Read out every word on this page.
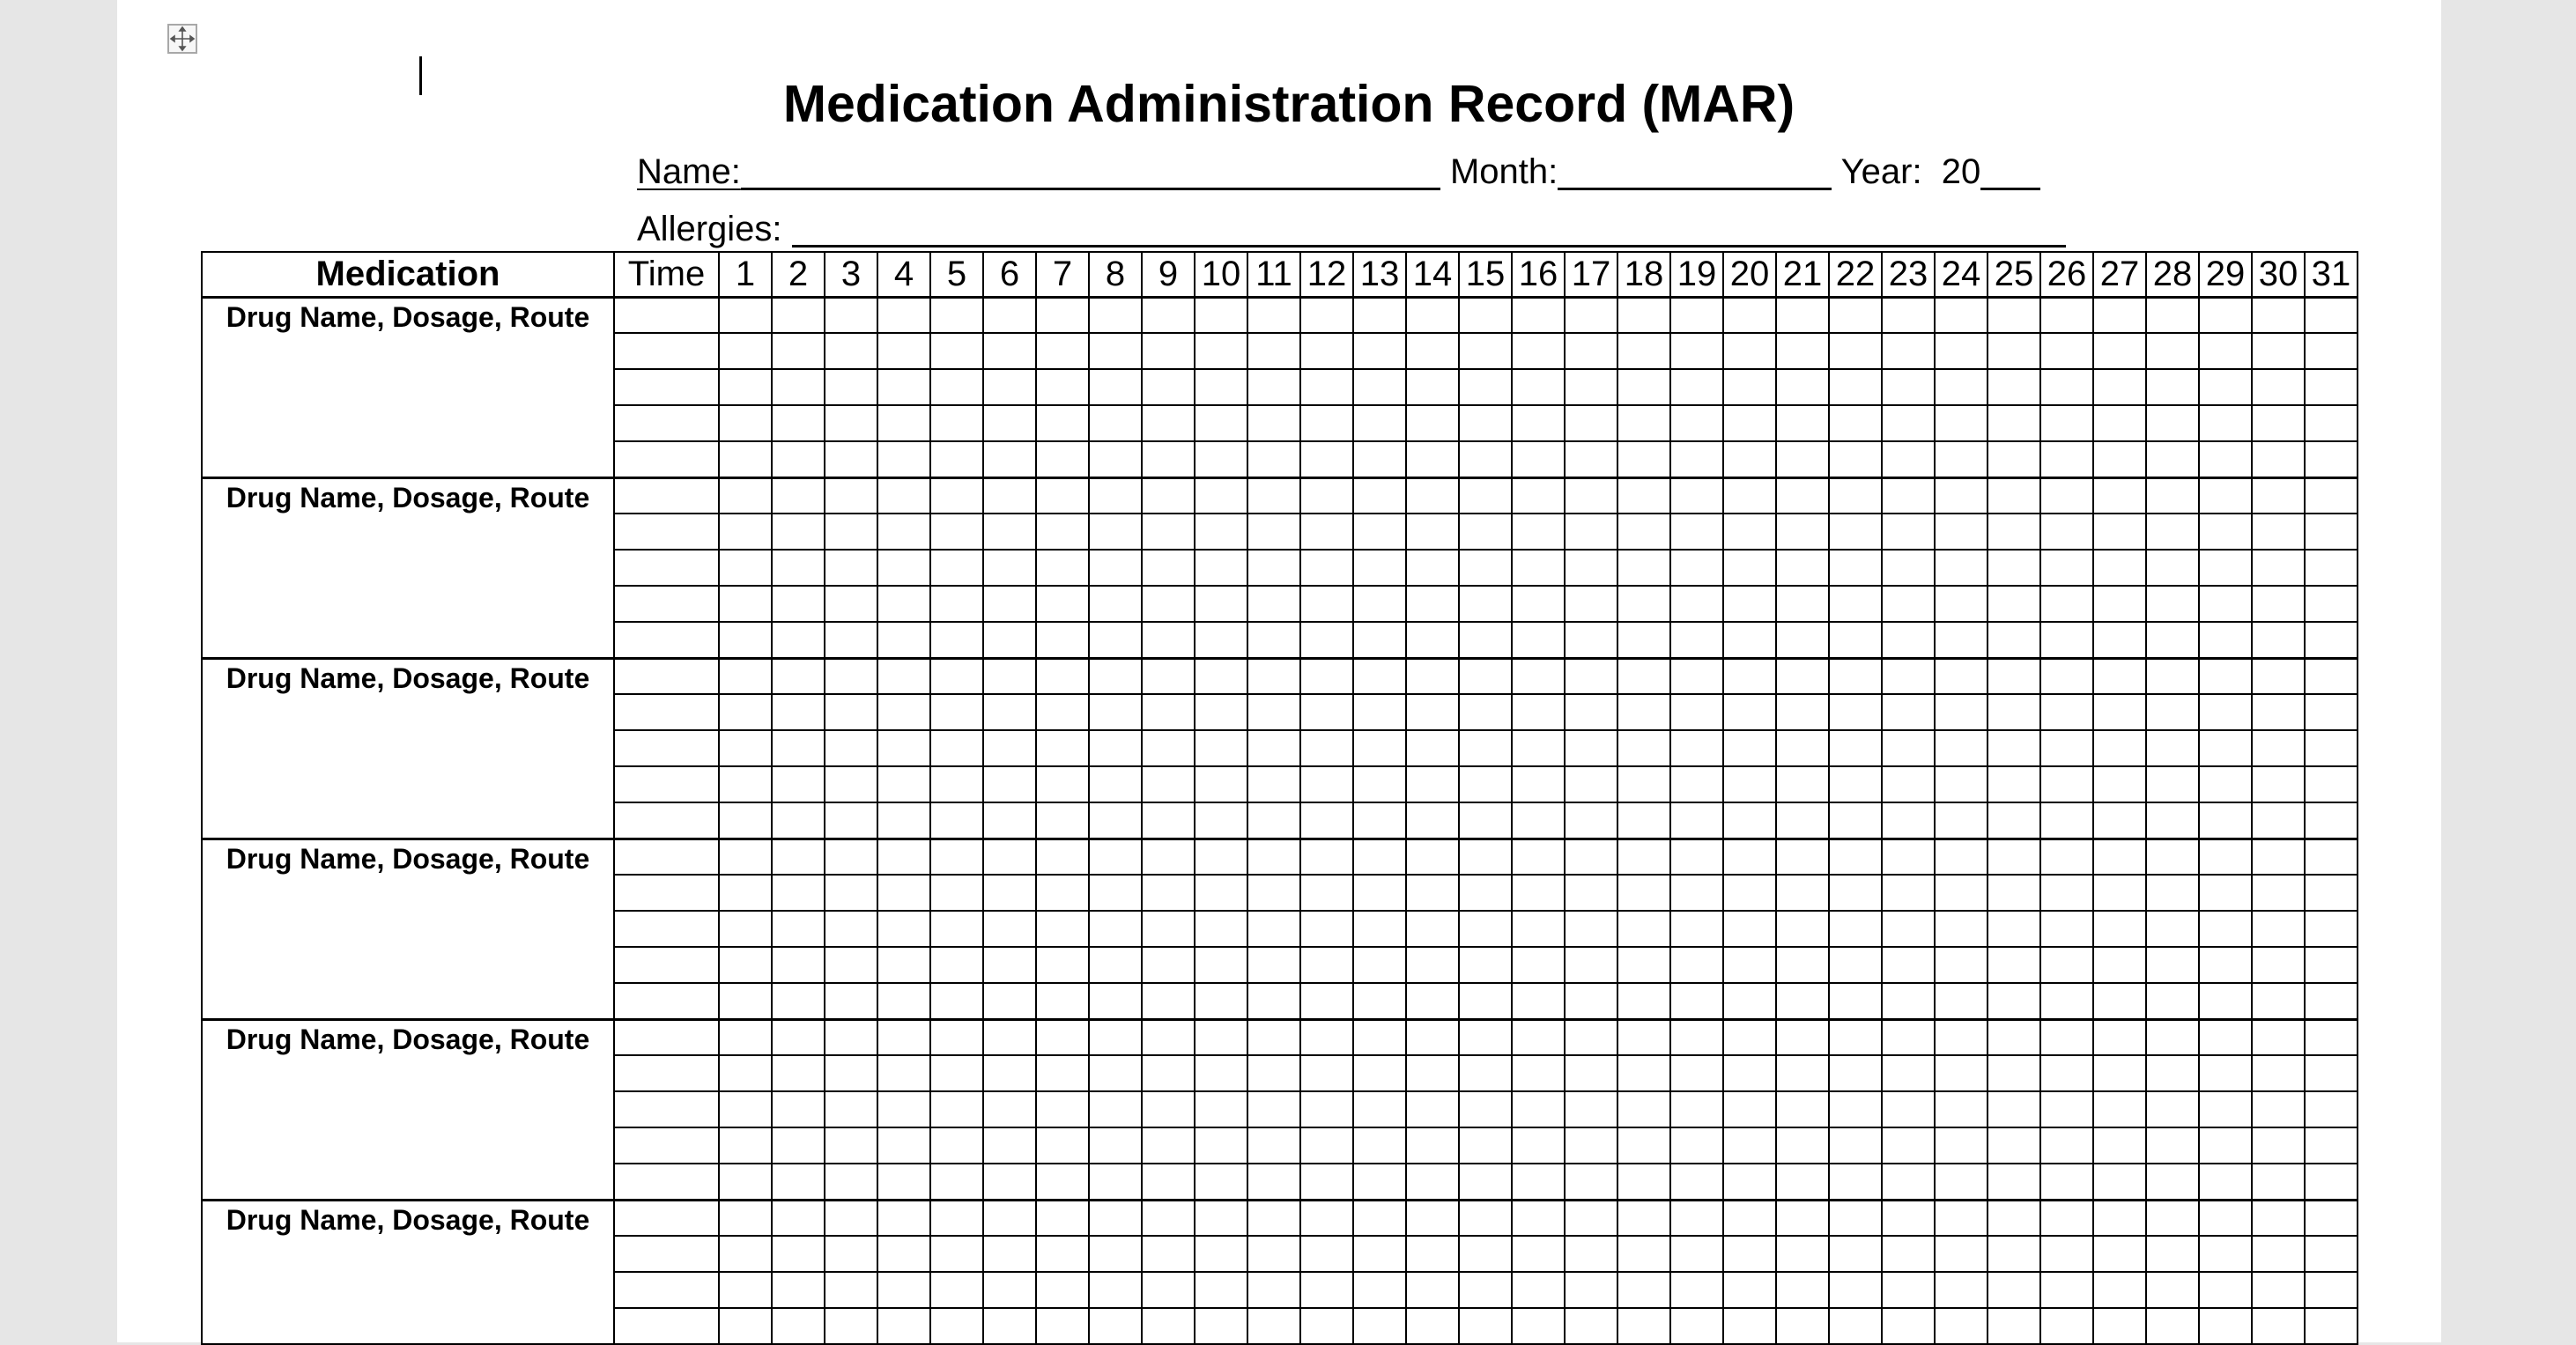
Medication Administration Record (MAR)
Name:	Month:	Year: 20
Allergies:
Medication	Time	1	2	3	4	5	6	7	8	9	10	11	12	13	14	15	16	17	18	19	20	21	22	23	24	25	26	27	28	29	30	31
Drug Name, Dosage, Route																																

Drug Name, Dosage, Route																																

Drug Name, Dosage, Route																																

Drug Name, Dosage, Route																																

Drug Name, Dosage, Route																																

Drug Name, Dosage, Route																																
